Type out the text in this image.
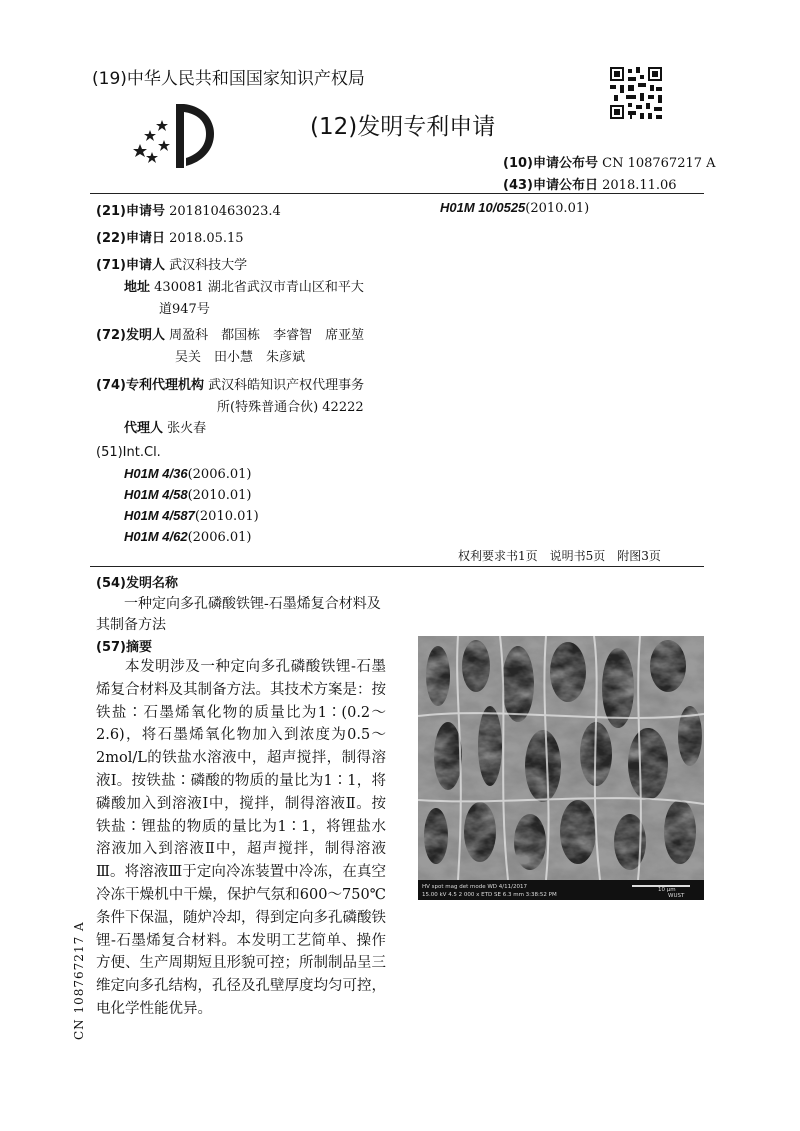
(19)中华人民共和国国家知识产权局
(12)发明专利申请
(10)申请公布号 CN 108767217 A
(43)申请公布日 2018.11.06
(21)申请号 201810463023.4	H01M 10/0525(2010.01)
(22)申请日 2018.05.15
(71)申请人 武汉科技大学
地址 430081 湖北省武汉市青山区和平大
道947号
(72)发明人 周盈科　都国栋　李睿智　席亚堃
吴关　田小慧　朱彦斌
(74)专利代理机构 武汉科皓知识产权代理事务
所(特殊普通合伙) 42222
代理人 张火春
(51)Int.Cl.
H01M 4/36(2006.01)
H01M 4/58(2010.01)
H01M 4/587(2010.01)
H01M 4/62(2006.01)
权利要求书1页　说明书5页　附图3页
(54)发明名称
一种定向多孔磷酸铁锂-石墨烯复合材料及
其制备方法
(57)摘要

本发明涉及一种定向多孔磷酸铁锂-石墨烯复合材料及其制备方法。其技术方案是：按铁盐∶石墨烯氧化物的质量比为1∶(0.2～2.6)，将石墨烯氧化物加入到浓度为0.5～2mol/L的铁盐水溶液中，超声搅拌，制得溶液Ⅰ。按铁盐∶磷酸的物质的量比为1∶1，将磷酸加入到溶液Ⅰ中，搅拌，制得溶液Ⅱ。按铁盐∶锂盐的物质的量比为1∶1，将锂盐水溶液加入到溶液Ⅱ中，超声搅拌，制得溶液Ⅲ。将溶液Ⅲ于定向冷冻装置中冷冻，在真空冷冻干燥机中干燥，保护气氛和600～750℃条件下保温，随炉冷却，得到定向多孔磷酸铁锂-石墨烯复合材料。本发明工艺简单、操作方便、生产周期短且形貌可控；所制制品呈三维定向多孔结构，孔径及孔壁厚度均匀可控，电化学性能优异。

HV spot mag det mode WD 4/11/2017
15.00 kV 4.5 2 000 x ETD SE 6.3 mm 3:38:52 PM
10 µm
WUST
CN 108767217 A
